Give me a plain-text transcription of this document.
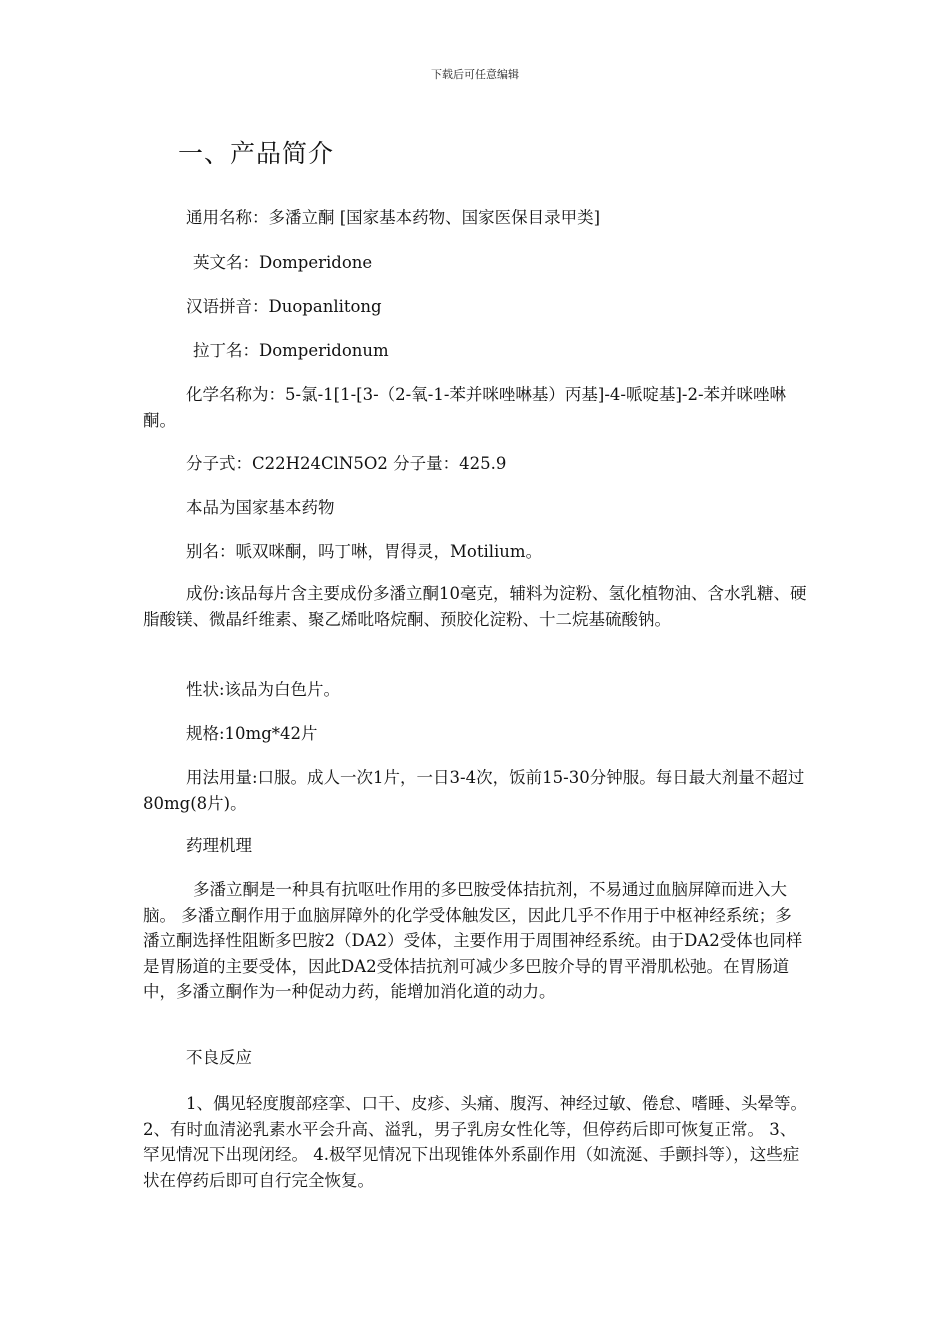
下载后可任意编辑
一、产品简介
通用名称：多潘立酮 [国家基本药物、国家医保目录甲类]
英文名：Domperidone
汉语拼音：Duopanlitong
拉丁名：Domperidonum
化学名称为：5-氯-1[1-[3-（2-氧-1-苯并咪唑啉基）丙基]-4-哌啶基]-2-苯并咪唑啉酮。
分子式：C22H24ClN5O2 分子量：425.9
本品为国家基本药物
别名：哌双咪酮，吗丁啉，胃得灵，Motilium。
成份:该品每片含主要成份多潘立酮10毫克，辅料为淀粉、氢化植物油、含水乳糖、硬脂酸镁、微晶纤维素、聚乙烯吡咯烷酮、预胶化淀粉、十二烷基硫酸钠。
性状:该品为白色片。
规格:10mg*42片
用法用量:口服。成人一次1片，一日3-4次，饭前15-30分钟服。每日最大剂量不超过80mg(8片)。
药理机理
多潘立酮是一种具有抗呕吐作用的多巴胺受体拮抗剂，不易通过血脑屏障而进入大脑。 多潘立酮作用于血脑屏障外的化学受体触发区，因此几乎不作用于中枢神经系统；多潘立酮选择性阻断多巴胺2（DA2）受体，主要作用于周围神经系统。由于DA2受体也同样是胃肠道的主要受体，因此DA2受体拮抗剂可减少多巴胺介导的胃平滑肌松弛。在胃肠道中，多潘立酮作为一种促动力药，能增加消化道的动力。
不良反应
1、偶见轻度腹部痉挛、口干、皮疹、头痛、腹泻、神经过敏、倦怠、嗜睡、头晕等。 2、有时血清泌乳素水平会升高、溢乳，男子乳房女性化等，但停药后即可恢复正常。 3、罕见情况下出现闭经。 4.极罕见情况下出现锥体外系副作用（如流涎、手颤抖等），这些症状在停药后即可自行完全恢复。
